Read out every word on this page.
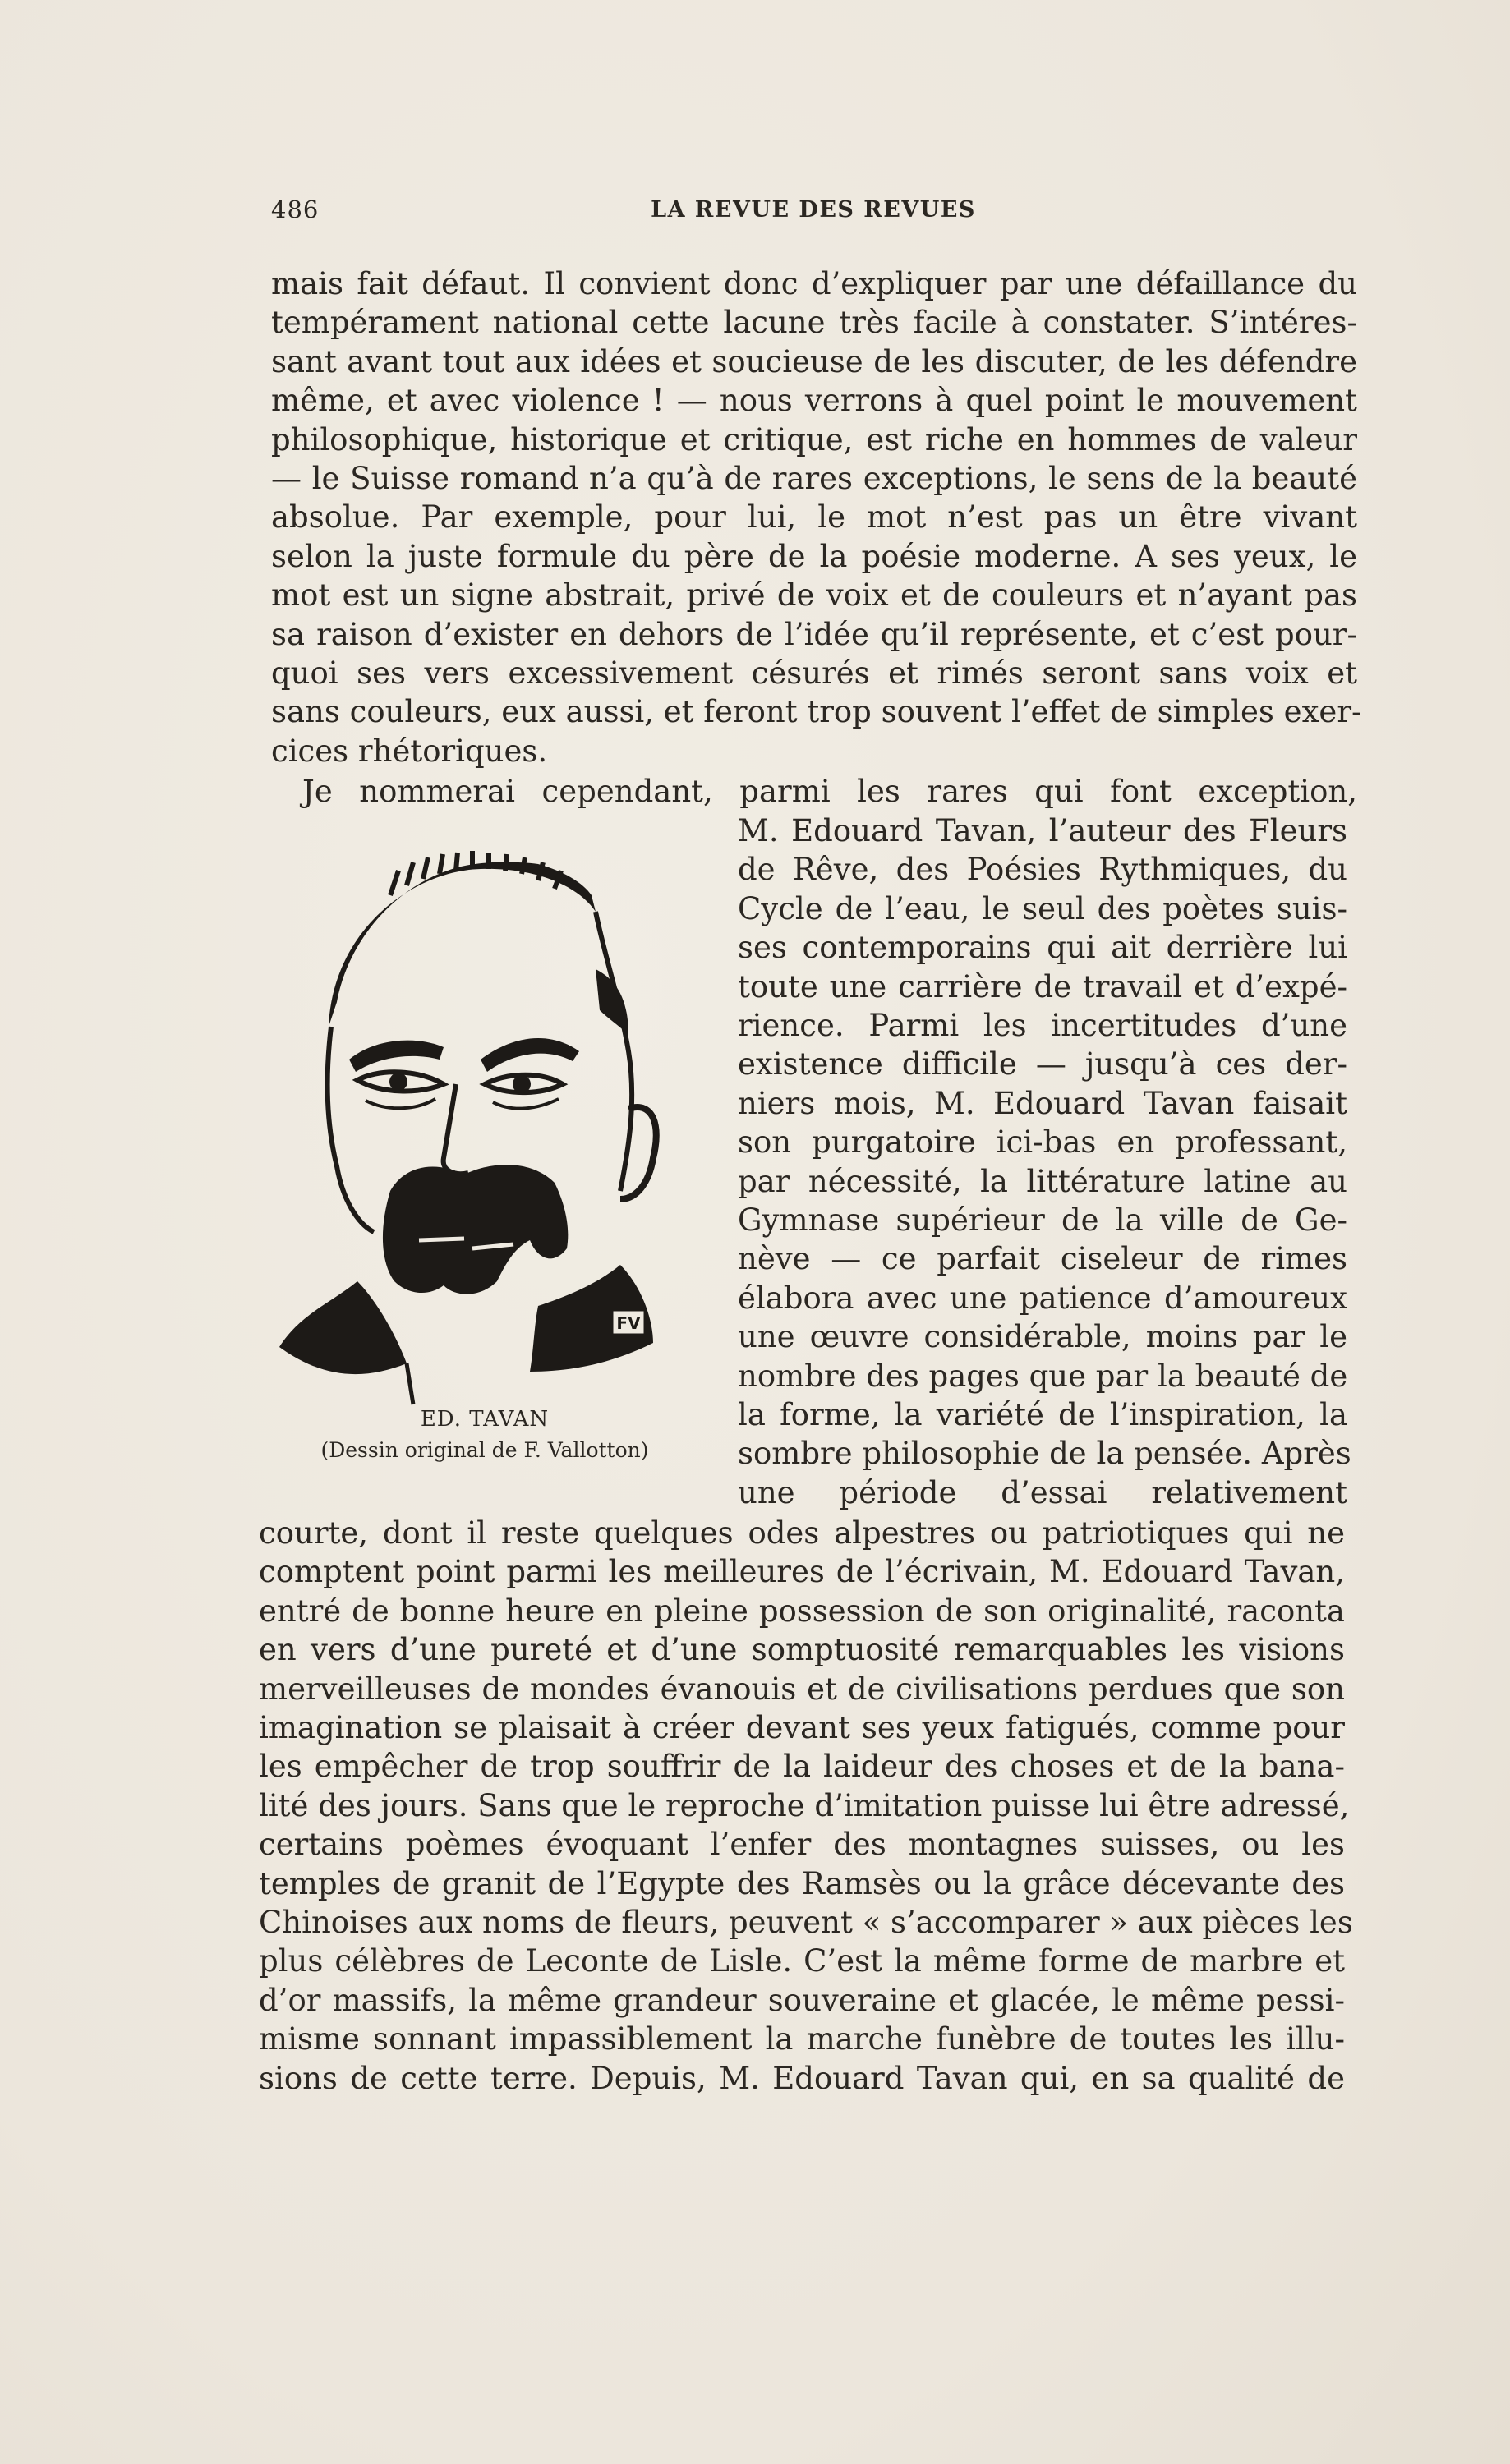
486	LA REVUE DES REVUES
mais fait défaut. Il convient donc d’expliquer par une défaillance du
tempérament national cette lacune très facile à constater. S’intéres-
sant avant tout aux idées et soucieuse de les discuter, de les défendre
même, et avec violence ! — nous verrons à quel point le mouvement
philosophique, historique et critique, est riche en hommes de valeur
— le Suisse romand n’a qu’à de rares exceptions, le sens de la beauté
absolue. Par exemple, pour lui, le mot n’est pas un être vivant
selon la juste formule du père de la poésie moderne. A ses yeux, le
mot est un signe abstrait, privé de voix et de couleurs et n’ayant pas
sa raison d’exister en dehors de l’idée qu’il représente, et c’est pour-
quoi ses vers excessivement césurés et rimés seront sans voix et
sans couleurs, eux aussi, et feront trop souvent l’effet de simples exer-
cices rhétoriques.
Je nommerai cependant, parmi les rares qui font exception,
M. Edouard Tavan, l’auteur des Fleurs
de Rêve, des Poésies Rythmiques, du
Cycle de l’eau, le seul des poètes suis-
ses contemporains qui ait derrière lui
toute une carrière de travail et d’expé-
rience. Parmi les incertitudes d’une
existence difficile — jusqu’à ces der-
niers mois, M. Edouard Tavan faisait
son purgatoire ici-bas en professant,
par nécessité, la littérature latine au
Gymnase supérieur de la ville de Ge-
nève — ce parfait ciseleur de rimes
élabora avec une patience d’amoureux
une œuvre considérable, moins par le
nombre des pages que par la beauté de
la forme, la variété de l’inspiration, la
sombre philosophie de la pensée. Après
une période d’essai relativement
courte, dont il reste quelques odes alpestres ou patriotiques qui ne
comptent point parmi les meilleures de l’écrivain, M. Edouard Tavan,
entré de bonne heure en pleine possession de son originalité, raconta
en vers d’une pureté et d’une somptuosité remarquables les visions
merveilleuses de mondes évanouis et de civilisations perdues que son
imagination se plaisait à créer devant ses yeux fatigués, comme pour
les empêcher de trop souffrir de la laideur des choses et de la bana-
lité des jours. Sans que le reproche d’imitation puisse lui être adressé,
certains poèmes évoquant l’enfer des montagnes suisses, ou les
temples de granit de l’Egypte des Ramsès ou la grâce décevante des
Chinoises aux noms de fleurs, peuvent « s’accomparer » aux pièces les
plus célèbres de Leconte de Lisle. C’est la même forme de marbre et
d’or massifs, la même grandeur souveraine et glacée, le même pessi-
misme sonnant impassiblement la marche funèbre de toutes les illu-
sions de cette terre. Depuis, M. Edouard Tavan qui, en sa qualité de
FV
ED. TAVAN
(Dessin original de F. Vallotton)
